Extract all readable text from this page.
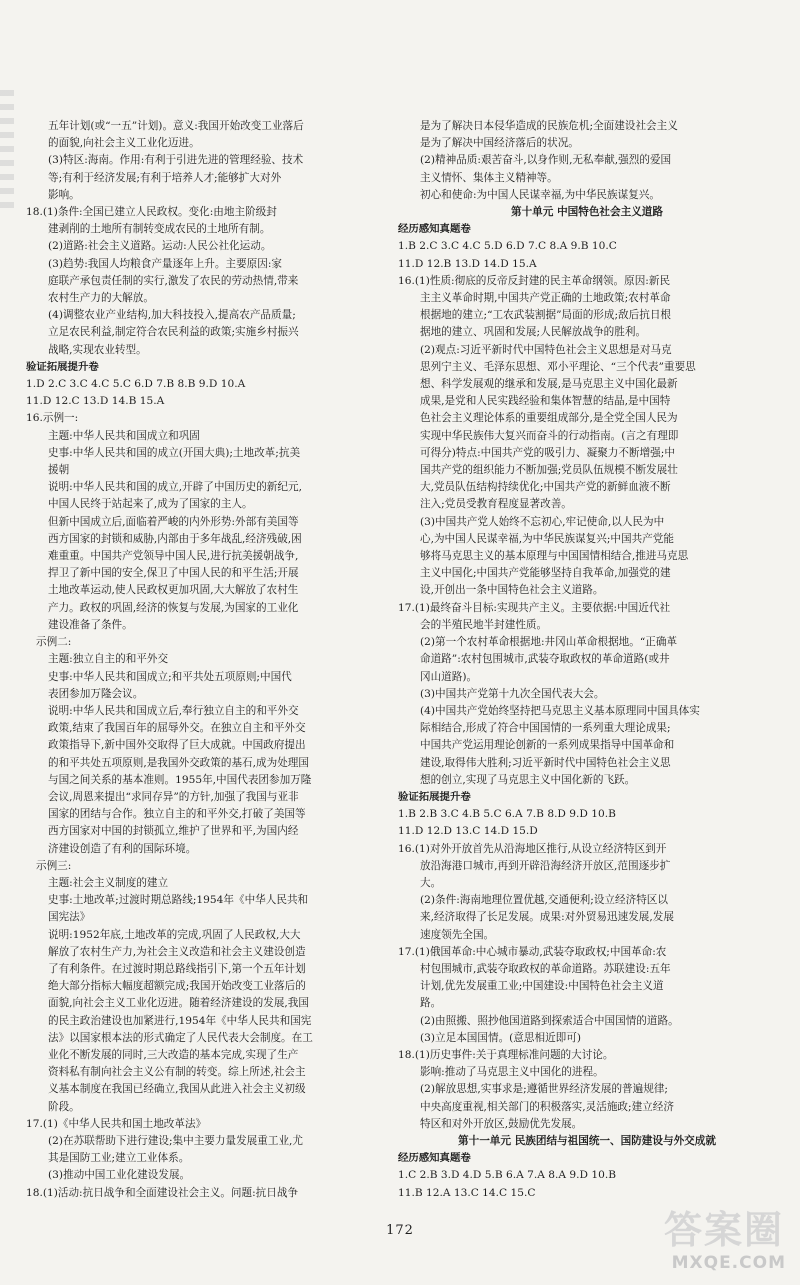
五年计划(或“一五”计划)。意义:我国开始改变工业落后
的面貌,向社会主义工业化迈进。
(3)特区:海南。作用:有利于引进先进的管理经验、技术
等;有利于经济发展;有利于培养人才;能够扩大对外
影响。
18.(1)条件:全国已建立人民政权。变化:由地主阶级封
建剥削的土地所有制转变成农民的土地所有制。
(2)道路:社会主义道路。运动:人民公社化运动。
(3)趋势:我国人均粮食产量逐年上升。主要原因:家
庭联产承包责任制的实行,激发了农民的劳动热情,带来
农村生产力的大解放。
(4)调整农业产业结构,加大科技投入,提高农产品质量;
立足农民利益,制定符合农民利益的政策;实施乡村振兴
战略,实现农业转型。
验证拓展提升卷
1.D 2.C 3.C 4.C 5.C 6.D 7.B 8.B 9.D 10.A
11.D 12.C 13.D 14.B 15.A
16.示例一:
主题:中华人民共和国成立和巩固
史事:中华人民共和国的成立(开国大典);土地改革;抗美
援朝
说明:中华人民共和国的成立,开辟了中国历史的新纪元,
中国人民终于站起来了,成为了国家的主人。
但新中国成立后,面临着严峻的内外形势:外部有美国等
西方国家的封锁和威胁,内部由于多年战乱,经济残破,困
难重重。中国共产党领导中国人民,进行抗美援朝战争,
捍卫了新中国的安全,保卫了中国人民的和平生活;开展
土地改革运动,使人民政权更加巩固,大大解放了农村生
产力。政权的巩固,经济的恢复与发展,为国家的工业化
建设准备了条件。
示例二:
主题:独立自主的和平外交
史事:中华人民共和国成立;和平共处五项原则;中国代
表团参加万隆会议。
说明:中华人民共和国成立后,奉行独立自主的和平外交
政策,结束了我国百年的屈辱外交。在独立自主和平外交
政策指导下,新中国外交取得了巨大成就。中国政府提出
的和平共处五项原则,是我国外交政策的基石,成为处理国
与国之间关系的基本准则。1955年,中国代表团参加万隆
会议,周恩来提出“求同存异”的方针,加强了我国与亚非
国家的团结与合作。独立自主的和平外交,打破了美国等
西方国家对中国的封锁孤立,维护了世界和平,为国内经
济建设创造了有利的国际环境。
示例三:
主题:社会主义制度的建立
史事:土地改革;过渡时期总路线;1954年《中华人民共和
国宪法》
说明:1952年底,土地改革的完成,巩固了人民政权,大大
解放了农村生产力,为社会主义改造和社会主义建设创造
了有利条件。在过渡时期总路线指引下,第一个五年计划
绝大部分指标大幅度超额完成;我国开始改变工业落后的
面貌,向社会主义工业化迈进。随着经济建设的发展,我国
的民主政治建设也加紧进行,1954年《中华人民共和国宪
法》以国家根本法的形式确定了人民代表大会制度。在工
业化不断发展的同时,三大改造的基本完成,实现了生产
资料私有制向社会主义公有制的转变。综上所述,社会主
义基本制度在我国已经确立,我国从此进入社会主义初级
阶段。
17.(1)《中华人民共和国土地改革法》
(2)在苏联帮助下进行建设;集中主要力量发展重工业,尤
其是国防工业;建立工业体系。
(3)推动中国工业化建设发展。
18.(1)活动:抗日战争和全面建设社会主义。问题:抗日战争
是为了解决日本侵华造成的民族危机;全面建设社会主义
是为了解决中国经济落后的状况。
(2)精神品质:艰苦奋斗,以身作则,无私奉献,强烈的爱国
主义情怀、集体主义精神等。
初心和使命:为中国人民谋幸福,为中华民族谋复兴。
第十单元 中国特色社会主义道路
经历感知真题卷
1.B 2.C 3.C 4.C 5.D 6.D 7.C 8.A 9.B 10.C
11.D 12.B 13.D 14.D 15.A
16.(1)性质:彻底的反帝反封建的民主革命纲领。原因:新民
主主义革命时期,中国共产党正确的土地政策;农村革命
根据地的建立;“工农武装割据”局面的形成;敌后抗日根
据地的建立、巩固和发展;人民解放战争的胜利。
(2)观点:习近平新时代中国特色社会主义思想是对马克
思列宁主义、毛泽东思想、邓小平理论、“三个代表”重要思
想、科学发展观的继承和发展,是马克思主义中国化最新
成果,是党和人民实践经验和集体智慧的结晶,是中国特
色社会主义理论体系的重要组成部分,是全党全国人民为
实现中华民族伟大复兴而奋斗的行动指南。(言之有理即
可得分)特点:中国共产党的吸引力、凝聚力不断增强;中
国共产党的组织能力不断加强;党员队伍规模不断发展壮
大,党员队伍结构持续优化;中国共产党的新鲜血液不断
注入;党员受教育程度显著改善。
(3)中国共产党人始终不忘初心,牢记使命,以人民为中
心,为中国人民谋幸福,为中华民族谋复兴;中国共产党能
够将马克思主义的基本原理与中国国情相结合,推进马克思
主义中国化;中国共产党能够坚持自我革命,加强党的建
设,开创出一条中国特色社会主义道路。
17.(1)最终奋斗目标:实现共产主义。主要依据:中国近代社
会的半殖民地半封建性质。
(2)第一个农村革命根据地:井冈山革命根据地。“正确革
命道路”:农村包围城市,武装夺取政权的革命道路(或井
冈山道路)。
(3)中国共产党第十九次全国代表大会。
(4)中国共产党始终坚持把马克思主义基本原理同中国具体实
际相结合,形成了符合中国国情的一系列重大理论成果;
中国共产党运用理论创新的一系列成果指导中国革命和
建设,取得伟大胜利;习近平新时代中国特色社会主义思
想的创立,实现了马克思主义中国化新的飞跃。
验证拓展提升卷
1.B 2.B 3.C 4.B 5.C 6.A 7.B 8.D 9.D 10.B
11.D 12.D 13.C 14.D 15.D
16.(1)对外开放首先从沿海地区推行,从设立经济特区到开
放沿海港口城市,再到开辟沿海经济开放区,范围逐步扩
大。
(2)条件:海南地理位置优越,交通便利;设立经济特区以
来,经济取得了长足发展。成果:对外贸易迅速发展,发展
速度领先全国。
17.(1)俄国革命:中心城市暴动,武装夺取政权;中国革命:农
村包围城市,武装夺取政权的革命道路。苏联建设:五年
计划,优先发展重工业;中国建设:中国特色社会主义道
路。
(2)由照搬、照抄他国道路到探索适合中国国情的道路。
(3)立足本国国情。(意思相近即可)
18.(1)历史事件:关于真理标准问题的大讨论。
影响:推动了马克思主义中国化的进程。
(2)解放思想,实事求是;遵循世界经济发展的普遍规律;
中央高度重视,相关部门的积极落实,灵活施政;建立经济
特区和对外开放区,鼓励优先发展。
第十一单元 民族团结与祖国统一、国防建设与外交成就
经历感知真题卷
1.C 2.B 3.D 4.D 5.B 6.A 7.A 8.A 9.D 10.B
11.B 12.A 13.C 14.C 15.C
172	答案圈
MXQE.COM
